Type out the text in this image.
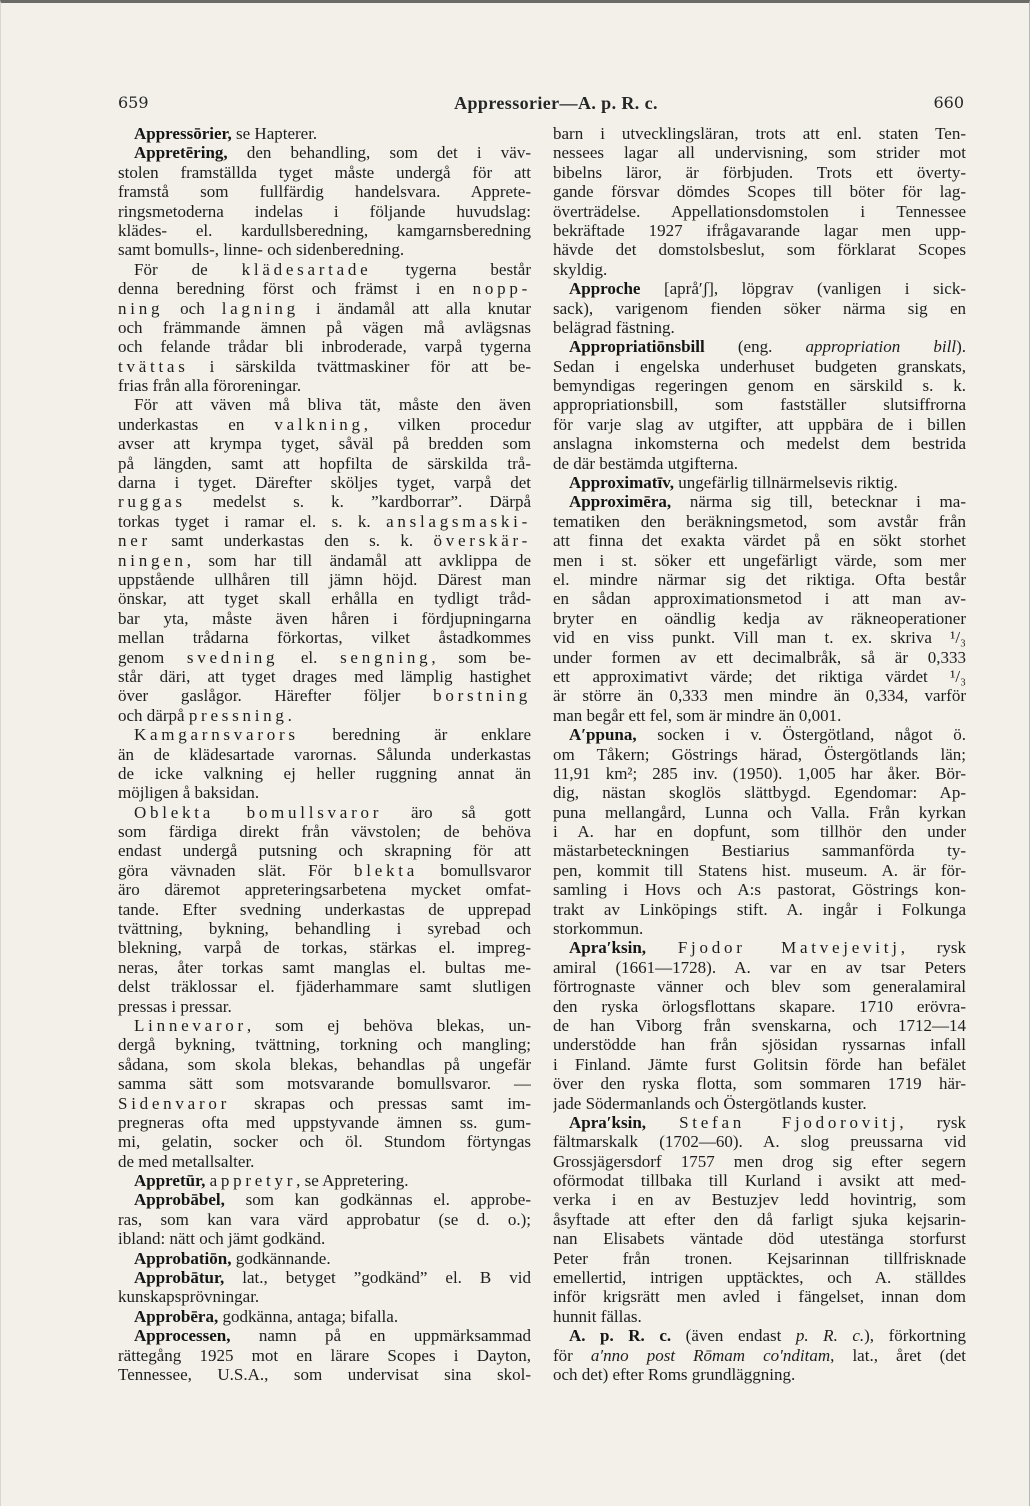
659	Appressorier—A. p. R. c.	660
Appressōrier, se Hapterer.
Appretēring, den behandling, som det i väv-
stolen framställda tyget måste undergå för att
framstå som fullfärdig handelsvara. Apprete-
ringsmetoderna indelas i följande huvudslag:
klädes- el. kardullsberedning, kamgarnsberedning
samt bomulls-, linne- och sidenberedning.
För de klädesartade tygerna består
denna beredning först och främst i en nopp-
ning och lagning i ändamål att alla knutar
och främmande ämnen på vägen må avlägsnas
och felande trådar bli inbroderade, varpå tygerna
tvättas i särskilda tvättmaskiner för att be-
frias från alla föroreningar.
För att väven må bliva tät, måste den även
underkastas en valkning, vilken procedur
avser att krympa tyget, såväl på bredden som
på längden, samt att hopfilta de särskilda trå-
darna i tyget. Därefter sköljes tyget, varpå det
ruggas medelst s. k. ”kardborrar”. Därpå
torkas tyget i ramar el. s. k. anslagsmaski-
ner samt underkastas den s. k. överskär-
ningen, som har till ändamål att avklippa de
uppstående ullhåren till jämn höjd. Därest man
önskar, att tyget skall erhålla en tydligt tråd-
bar yta, måste även håren i fördjupningarna
mellan trådarna förkortas, vilket åstadkommes
genom svedning el. sengning, som be-
står däri, att tyget drages med lämplig hastighet
över gaslågor. Härefter följer borstning
och därpå pressning.
Kamgarnsvarors beredning är enklare
än de klädesartade varornas. Sålunda underkastas
de icke valkning ej heller ruggning annat än
möjligen å baksidan.
Oblekta bomullsvaror äro så gott
som färdiga direkt från vävstolen; de behöva
endast undergå putsning och skrapning för att
göra vävnaden slät. För blekta bomullsvaror
äro däremot appreteringsarbetena mycket omfat-
tande. Efter svedning underkastas de upprepad
tvättning, bykning, behandling i syrebad och
blekning, varpå de torkas, stärkas el. impreg-
neras, åter torkas samt manglas el. bultas me-
delst träklossar el. fjäderhammare samt slutligen
pressas i pressar.
Linnevaror, som ej behöva blekas, un-
dergå bykning, tvättning, torkning och mangling;
sådana, som skola blekas, behandlas på ungefär
samma sätt som motsvarande bomullsvaror. —
Sidenvaror skrapas och pressas samt im-
pregneras ofta med uppstyvande ämnen ss. gum-
mi, gelatin, socker och öl. Stundom förtyngas
de med metallsalter.
Appretūr, appretyr, se Appretering.
Approbābel, som kan godkännas el. approbe-
ras, som kan vara värd approbatur (se d. o.);
ibland: nätt och jämt godkänd.
Approbatiōn, godkännande.
Approbātur, lat., betyget ”godkänd” el. B vid
kunskapsprövningar.
Approbēra, godkänna, antaga; bifalla.
Approcessen, namn på en uppmärksammad
rättegång 1925 mot en lärare Scopes i Dayton,
Tennessee, U.S.A., som undervisat sina skol-
barn i utvecklingsläran, trots att enl. staten Ten-
nessees lagar all undervisning, som strider mot
bibelns läror, är förbjuden. Trots ett överty-
gande försvar dömdes Scopes till böter för lag-
överträdelse. Appellationsdomstolen i Tennessee
bekräftade 1927 ifrågavarande lagar men upp-
hävde det domstolsbeslut, som förklarat Scopes
skyldig.
Approche [aprå′ʃ], löpgrav (vanligen i sick-
sack), varigenom fienden söker närma sig en
belägrad fästning.
Appropriatiōnsbill (eng. appropriation bill).
Sedan i engelska underhuset budgeten granskats,
bemyndigas regeringen genom en särskild s. k.
appropriationsbill, som fastställer slutsiffrorna
för varje slag av utgifter, att uppbära de i billen
anslagna inkomsterna och medelst dem bestrida
de där bestämda utgifterna.
Approximatīv, ungefärlig tillnärmelsevis riktig.
Approximēra, närma sig till, betecknar i ma-
tematiken den beräkningsmetod, som avstår från
att finna det exakta värdet på en sökt storhet
men i st. söker ett ungefärligt värde, som mer
el. mindre närmar sig det riktiga. Ofta består
en sådan approximationsmetod i att man av-
bryter en oändlig kedja av räkneoperationer
vid en viss punkt. Vill man t. ex. skriva ¹/₃
under formen av ett decimalbråk, så är 0,333
ett approximativt värde; det riktiga värdet ¹/₃
är större än 0,333 men mindre än 0,334, varför
man begår ett fel, som är mindre än 0,001.
A′ppuna, socken i v. Östergötland, något ö.
om Tåkern; Göstrings härad, Östergötlands län;
11,91 km²; 285 inv. (1950). 1,005 har åker. Bör-
dig, nästan skoglös slättbygd. Egendomar: Ap-
puna mellangård, Lunna och Valla. Från kyrkan
i A. har en dopfunt, som tillhör den under
mästarbeteckningen Bestiarius sammanförda ty-
pen, kommit till Statens hist. museum. A. är för-
samling i Hovs och A:s pastorat, Göstrings kon-
trakt av Linköpings stift. A. ingår i Folkunga
storkommun.
Apra′ksin, Fjodor Matvejevitj, rysk
amiral (1661—1728). A. var en av tsar Peters
förtrognaste vänner och blev som generalamiral
den ryska örlogsflottans skapare. 1710 erövra-
de han Viborg från svenskarna, och 1712—14
understödde han från sjösidan ryssarnas infall
i Finland. Jämte furst Golitsin förde han befälet
över den ryska flotta, som sommaren 1719 här-
jade Södermanlands och Östergötlands kuster.
Apra′ksin, Stefan Fjodorovitj, rysk
fältmarskalk (1702—60). A. slog preussarna vid
Grossjägersdorf 1757 men drog sig efter segern
oförmodat tillbaka till Kurland i avsikt att med-
verka i en av Bestuzjev ledd hovintrig, som
åsyftade att efter den då farligt sjuka kejsarin-
nan Elisabets väntade död utestänga storfurst
Peter från tronen. Kejsarinnan tillfrisknade
emellertid, intrigen upptäcktes, och A. ställdes
inför krigsrätt men avled i fängelset, innan dom
hunnit fällas.
A. p. R. c. (även endast p. R. c.), förkortning
för a′nno post Rōmam co′nditam, lat., året (det
och det) efter Roms grundläggning.
